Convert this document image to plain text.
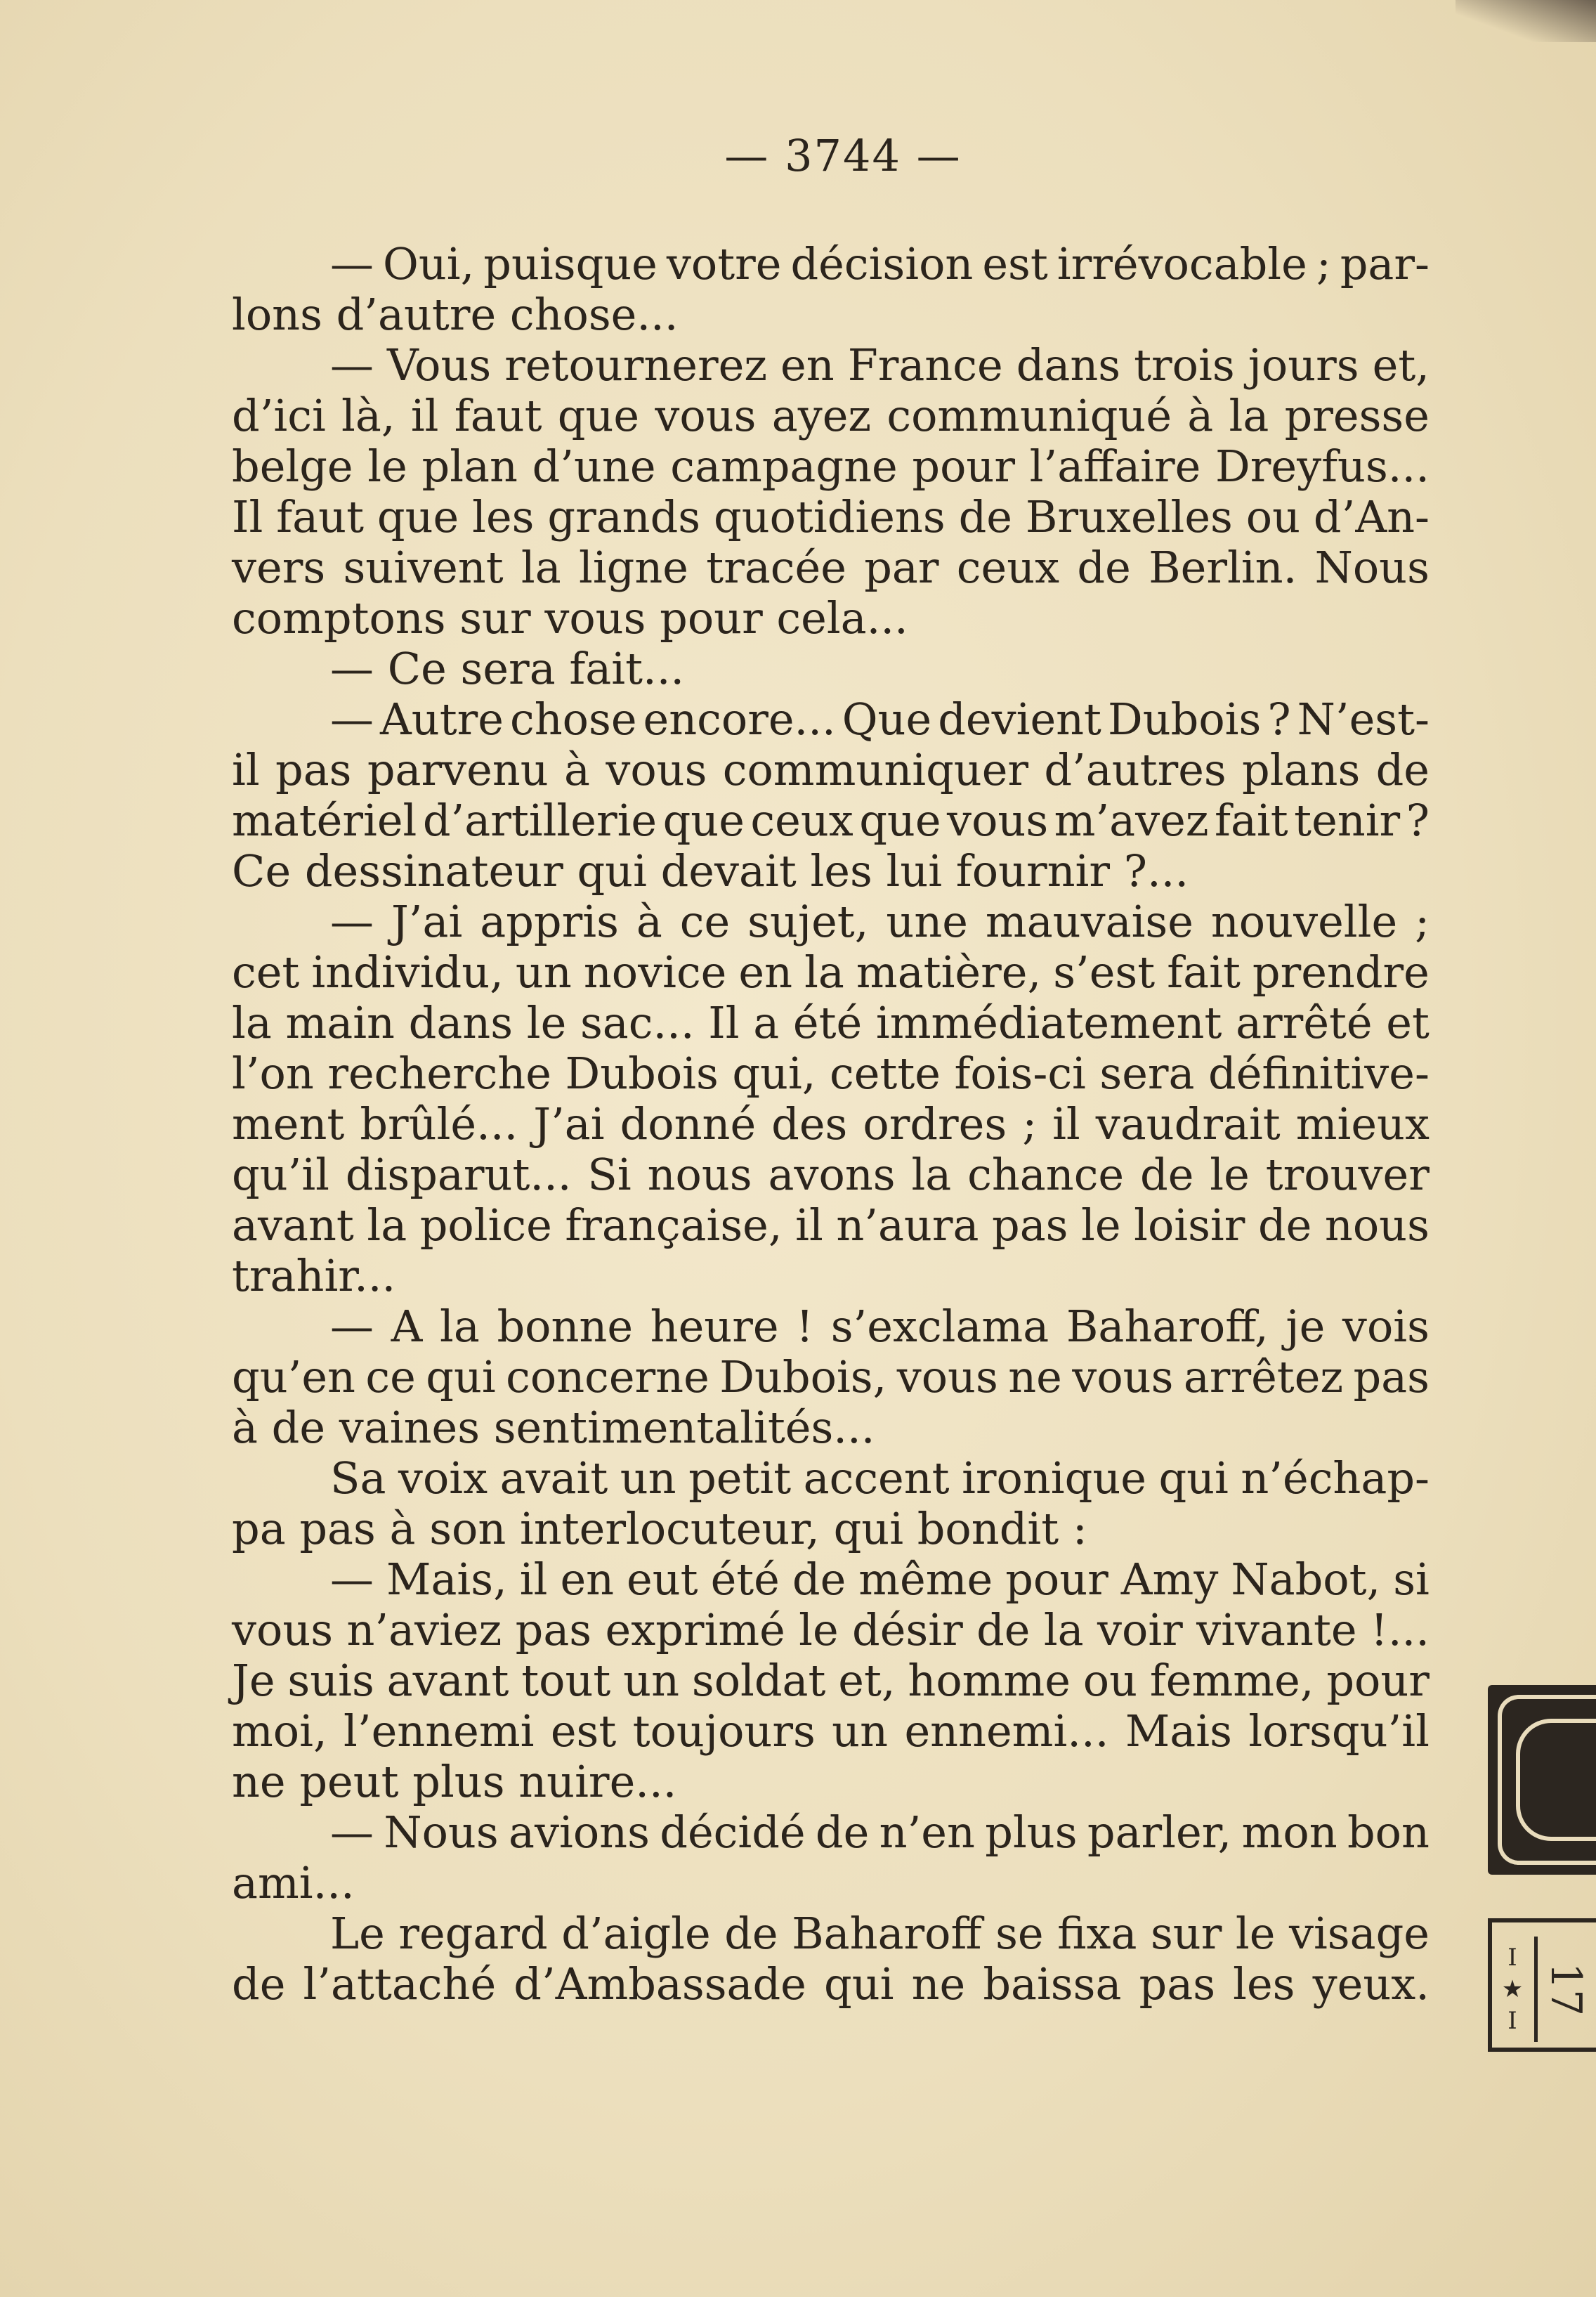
— 3744 —
— Oui, puisque votre décision est irrévocable ; par-
lons d’autre chose...
— Vous retournerez en France dans trois jours et,
d’ici là, il faut que vous ayez communiqué à la presse
belge le plan d’une campagne pour l’affaire Dreyfus...
Il faut que les grands quotidiens de Bruxelles ou d’An-
vers suivent la ligne tracée par ceux de Berlin. Nous
comptons sur vous pour cela...
— Ce sera fait...
— Autre chose encore... Que devient Dubois ? N’est-
il pas parvenu à vous communiquer d’autres plans de
matériel d’artillerie que ceux que vous m’avez fait tenir ?
Ce dessinateur qui devait les lui fournir ?...
— J’ai appris à ce sujet, une mauvaise nouvelle ;
cet individu, un novice en la matière, s’est fait prendre
la main dans le sac... Il a été immédiatement arrêté et
l’on recherche Dubois qui, cette fois-ci sera définitive-
ment brûlé... J’ai donné des ordres ; il vaudrait mieux
qu’il disparut... Si nous avons la chance de le trouver
avant la police française, il n’aura pas le loisir de nous
trahir...
— A la bonne heure ! s’exclama Baharoff, je vois
qu’en ce qui concerne Dubois, vous ne vous arrêtez pas
à de vaines sentimentalités...
Sa voix avait un petit accent ironique qui n’échap-
pa pas à son interlocuteur, qui bondit :
— Mais, il en eut été de même pour Amy Nabot, si
vous n’aviez pas exprimé le désir de la voir vivante !...
Je suis avant tout un soldat et, homme ou femme, pour
moi, l’ennemi est toujours un ennemi... Mais lorsqu’il
ne peut plus nuire...
— Nous avions décidé de n’en plus parler, mon bon
ami...
Le regard d’aigle de Baharoff se fixa sur le visage
de l’attaché d’Ambassade qui ne baissa pas les yeux.
I
★
I
17
